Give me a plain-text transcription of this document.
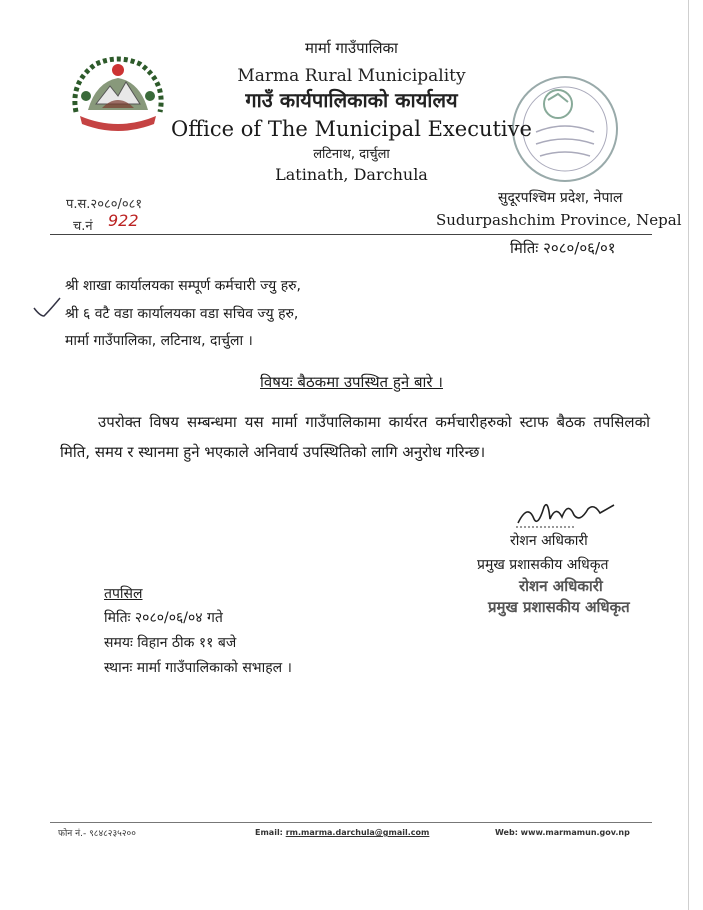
मार्मा गाउँपालिका
Marma Rural Municipality
गाउँ कार्यपालिकाको कार्यालय
Office of The Municipal Executive
लटिनाथ, दार्चुला
Latinath, Darchula
प.स.२०८०/०८१
च.नं 922
सुदूरपश्चिम प्रदेश, नेपाल
Sudurpashchim Province, Nepal
मितिः २०८०/०६/०१
श्री शाखा कार्यालयका सम्पूर्ण कर्मचारी ज्यु हरु,
श्री ६ वटै वडा कार्यालयका वडा सचिव ज्यु हरु,
मार्मा गाउँपालिका, लटिनाथ, दार्चुला ।
विषयः बैठकमा उपस्थित हुने बारे ।
उपरोक्त विषय सम्बन्धमा यस मार्मा गाउँपालिकामा कार्यरत कर्मचारीहरुको स्टाफ बैठक तपसिलको मिति, समय र स्थानमा हुने भएकाले अनिवार्य उपस्थितिको लागि अनुरोध गरिन्छ।
रोशन अधिकारी
प्रमुख प्रशासकीय अधिकृत
रोशन अधिकारी
प्रमुख प्रशासकीय अधिकृत
तपसिल
मितिः २०८०/०६/०४ गते
समयः विहान ठीक ११ बजे
स्थानः मार्मा गाउँपालिकाको सभाहल ।
फोन नं.- ९८४८२३५२००	Email: rm.marma.darchula@gmail.com	Web: www.marmamun.gov.np
